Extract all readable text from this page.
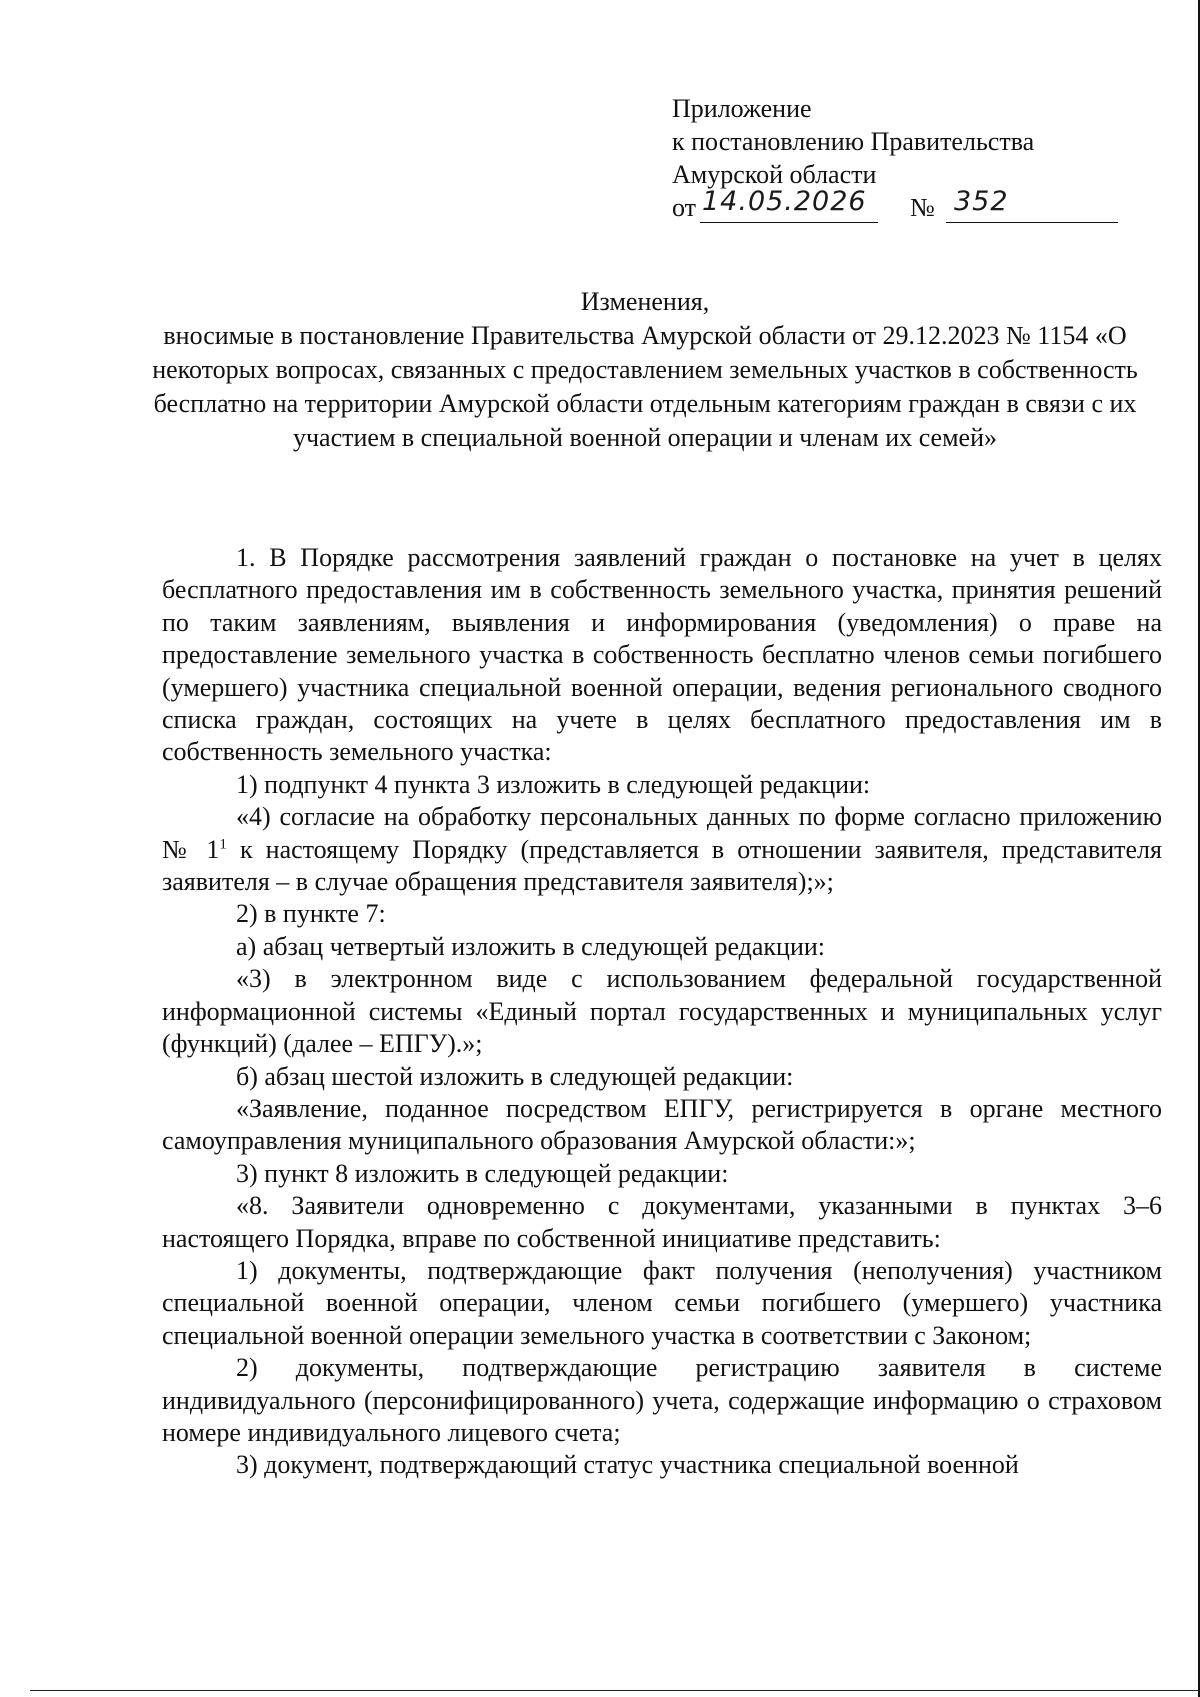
Приложение
к постановлению Правительства
Амурской области
от 14.05.2026 № 352
Изменения,
вносимые в постановление Правительства Амурской области от 29.12.2023 № 1154 «О некоторых вопросах, связанных с предоставлением земельных участков в собственность бесплатно на территории Амурской области отдельным категориям граждан в связи с их участием в специальной военной операции и членам их семей»

1. В Порядке рассмотрения заявлений граждан о постановке на учет в целях бесплатного предоставления им в собственность земельного участка, принятия решений по таким заявлениям, выявления и информирования (уведомления) о праве на предоставление земельного участка в собственность бесплатно членов семьи погибшего (умершего) участника специальной военной операции, ведения регионального сводного списка граждан, состоящих на учете в целях бесплатного предоставления им в собственность земельного участка:

1) подпункт 4 пункта 3 изложить в следующей редакции:

«4) согласие на обработку персональных данных по форме согласно приложению № $1^1$ к настоящему Порядку (представляется в отношении заявителя, представителя заявителя – в случае обращения представителя заявителя);»;

2) в пункте 7:

а) абзац четвертый изложить в следующей редакции:

«3) в электронном виде с использованием федеральной государственной информационной системы «Единый портал государственных и муниципальных услуг (функций) (далее – ЕПГУ).»;

б) абзац шестой изложить в следующей редакции:

«Заявление, поданное посредством ЕПГУ, регистрируется в органе местного самоуправления муниципального образования Амурской области:»;

3) пункт 8 изложить в следующей редакции:

«8. Заявители одновременно с документами, указанными в пунктах 3–6 настоящего Порядка, вправе по собственной инициативе представить:

1) документы, подтверждающие факт получения (неполучения) участником специальной военной операции, членом семьи погибшего (умершего) участника специальной военной операции земельного участка в соответствии с Законом;

2) документы, подтверждающие регистрацию заявителя в системе индивидуального (персонифицированного) учета, содержащие информацию о страховом номере индивидуального лицевого счета;

3) документ, подтверждающий статус участника специальной военной
